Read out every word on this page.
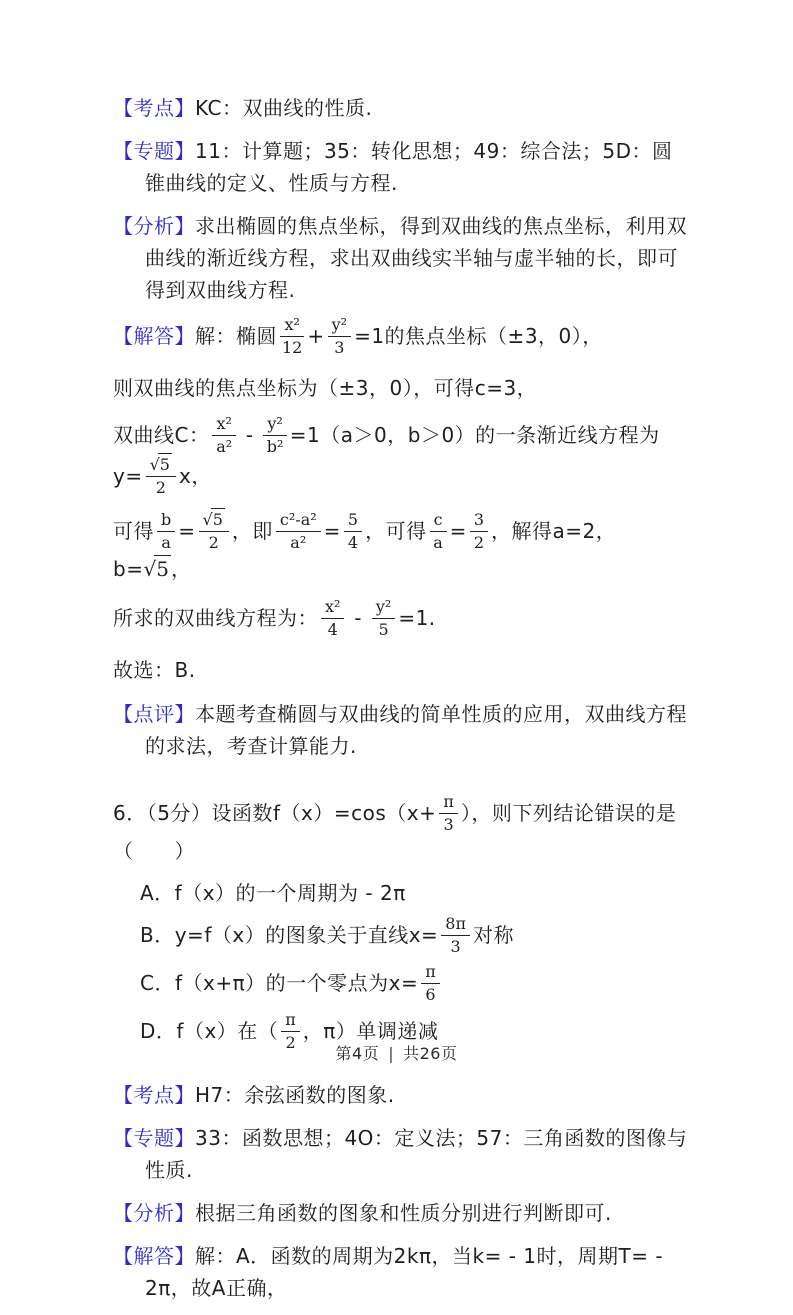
【考点】KC：双曲线的性质.

【专题】11：计算题；35：转化思想；49：综合法；5D：圆锥曲线的定义、性质与方程.

【分析】求出椭圆的焦点坐标，得到双曲线的焦点坐标，利用双曲线的渐近线方程，求出双曲线实半轴与虚半轴的长，即可得到双曲线方程.

【解答】解：椭圆 $\frac{\text{x²}}{12} + \frac{\text{y²}}{3} =1$的焦点坐标（±3，0），

则双曲线的焦点坐标为（±3，0），可得c=3，

双曲线C： $\frac{\text{x²}}{\text{a²}} - \frac{\text{y²}}{\text{b²}} =1(a>0$，b＞0）的一条渐近线方程为$y= \frac{√5}{2}$ x，

可得 $\frac{b}{a} = \frac{√5}{2}$ ，即 $\frac{\text{c²-a²}}{\text{a²}} = \frac{5}{4}$ ，可得 $\frac{c}{a} = \frac{3}{2}$ ，解得a=2，b=√5 ，

所求的双曲线方程为： $\frac{\text{x²}}{4} - \frac{\text{y²}}{5} =1$.

故选：B.

【点评】本题考查椭圆与双曲线的简单性质的应用，双曲线方程的求法，考查计算能力.

6．（5分）设函数$f(x)=\cos(x+ \frac{\pi}{3}$ ），则下列结论错误的是（　　）

A．f（x）的一个周期为 - 2π

B．y=f（x）的图象关于直线$x= \frac{8\pi}{3}$ 对称

C．f（x+π）的一个零点为$x= \frac{\pi}{6}$

D．f（x）在（ $\frac{\pi}{2}$ ，π）单调递减

【考点】H7：余弦函数的图象.

【专题】33：函数思想；4O：定义法；57：三角函数的图像与性质.

【分析】根据三角函数的图象和性质分别进行判断即可.

【解答】解：A．函数的周期为2kπ，当k= - 1时，周期T= - 2π，故A正确，

第4页 | 共26页
